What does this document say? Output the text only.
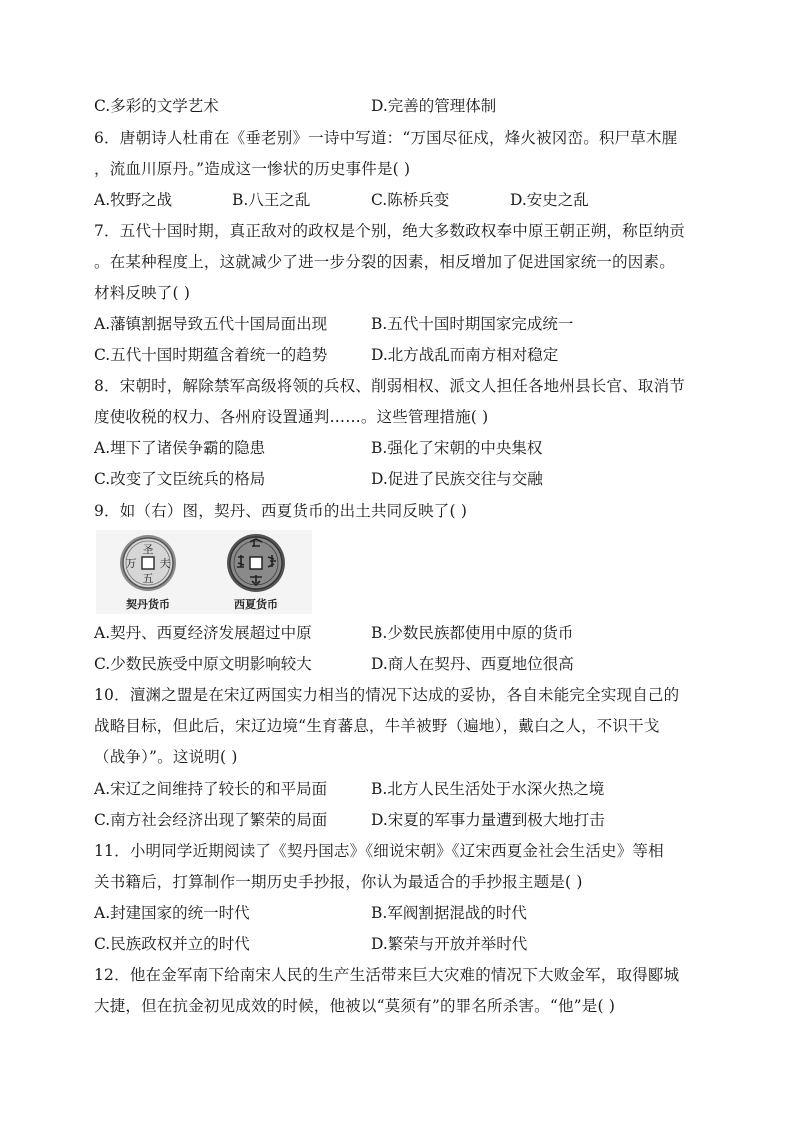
C.多彩的文学艺术	D.完善的管理体制
6．唐朝诗人杜甫在《垂老别》一诗中写道：“万国尽征戍，烽火被冈峦。积尸草木腥
，流血川原丹。”造成这一惨状的历史事件是( )
A.牧野之战	B.八王之乱	C.陈桥兵变	D.安史之乱
7．五代十国时期，真正敌对的政权是个别，绝大多数政权奉中原王朝正朔，称臣纳贡
。在某种程度上，这就减少了进一步分裂的因素，相反增加了促进国家统一的因素。
材料反映了( )
A.藩镇割据导致五代十国局面出现	B.五代十国时期国家完成统一
C.五代十国时期蕴含着统一的趋势	D.北方战乱而南方相对稳定
8．宋朝时，解除禁军高级将领的兵权、削弱相权、派文人担任各地州县长官、取消节
度使收税的权力、各州府设置通判……。这些管理措施( )
A.埋下了诸侯争霸的隐患	B.强化了宋朝的中央集权
C.改变了文臣统兵的格局	D.促进了民族交往与交融
9．如（右）图，契丹、西夏货币的出土共同反映了( )
圣
夫
五
万
契丹货币	西夏货币
A.契丹、西夏经济发展超过中原	B.少数民族都使用中原的货币
C.少数民族受中原文明影响较大	D.商人在契丹、西夏地位很高
10．澶渊之盟是在宋辽两国实力相当的情况下达成的妥协，各自未能完全实现自己的
战略目标，但此后，宋辽边境“生育蕃息，牛羊被野（遍地），戴白之人，不识干戈
（战争）”。这说明( )
A.宋辽之间维持了较长的和平局面	B.北方人民生活处于水深火热之境
C.南方社会经济出现了繁荣的局面	D.宋夏的军事力量遭到极大地打击
11．小明同学近期阅读了《契丹国志》《细说宋朝》《辽宋西夏金社会生活史》等相
关书籍后，打算制作一期历史手抄报，你认为最适合的手抄报主题是( )
A.封建国家的统一时代	B.军阀割据混战的时代
C.民族政权并立的时代	D.繁荣与开放并举时代
12．他在金军南下给南宋人民的生产生活带来巨大灾难的情况下大败金军，取得郾城
大捷，但在抗金初见成效的时候，他被以“莫须有”的罪名所杀害。“他”是( )
